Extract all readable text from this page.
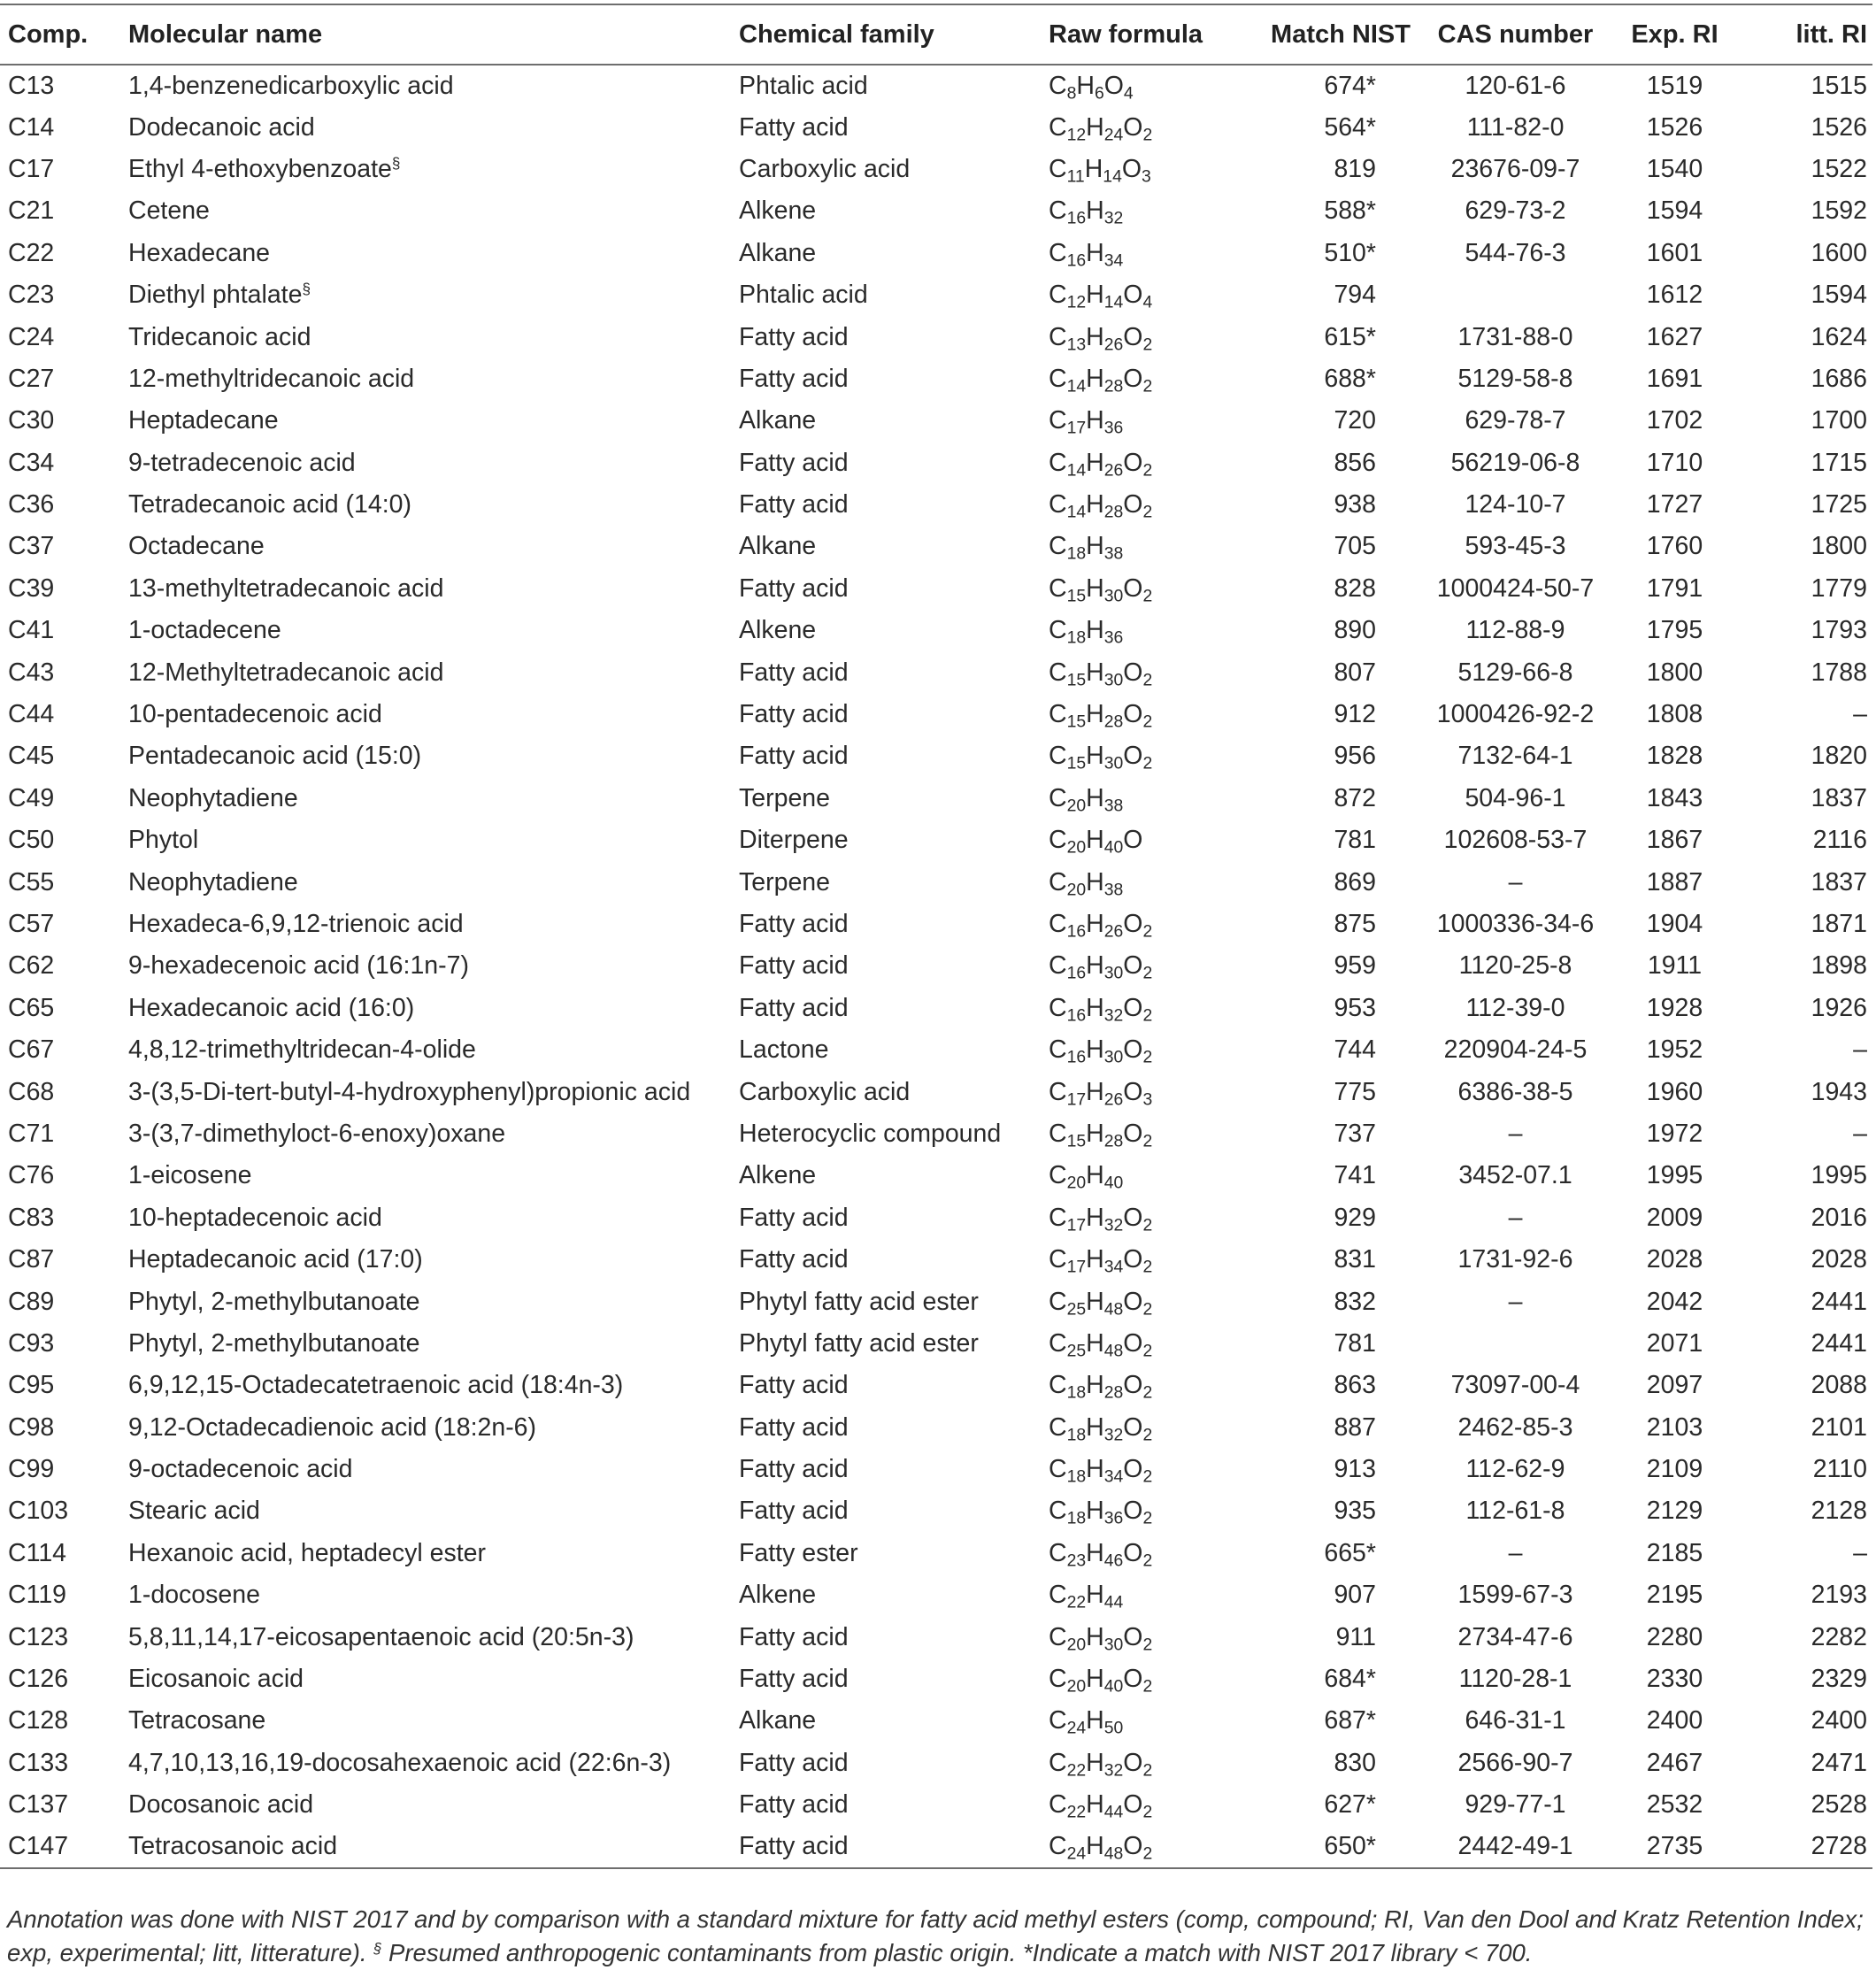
Comp.	Molecular name	Chemical family	Raw formula	Match NIST	CAS number	Exp. RI	litt. RI
C13	1,4-benzenedicarboxylic acid	Phtalic acid	$C_8H_6O_4$	674*	120-61-6	1519	1515
C14	Dodecanoic acid	Fatty acid	$C_{12}H_{24}O_2$	564*	111-82-0	1526	1526
C17	Ethyl 4-ethoxybenzoate§	Carboxylic acid	$C_{11}H_{14}O_3$	819	23676-09-7	1540	1522
C21	Cetene	Alkene	$C_{16}H_{32}$	588*	629-73-2	1594	1592
C22	Hexadecane	Alkane	$C_{16}H_{34}$	510*	544-76-3	1601	1600
C23	Diethyl phtalate§	Phtalic acid	$C_{12}H_{14}O_4$	794		1612	1594
C24	Tridecanoic acid	Fatty acid	$C_{13}H_{26}O_2$	615*	1731-88-0	1627	1624
C27	12-methyltridecanoic acid	Fatty acid	$C_{14}H_{28}O_2$	688*	5129-58-8	1691	1686
C30	Heptadecane	Alkane	$C_{17}H_{36}$	720	629-78-7	1702	1700
C34	9-tetradecenoic acid	Fatty acid	$C_{14}H_{26}O_2$	856	56219-06-8	1710	1715
C36	Tetradecanoic acid (14:0)	Fatty acid	$C_{14}H_{28}O_2$	938	124-10-7	1727	1725
C37	Octadecane	Alkane	$C_{18}H_{38}$	705	593-45-3	1760	1800
C39	13-methyltetradecanoic acid	Fatty acid	$C_{15}H_{30}O_2$	828	1000424-50-7	1791	1779
C41	1-octadecene	Alkene	$C_{18}H_{36}$	890	112-88-9	1795	1793
C43	12-Methyltetradecanoic acid	Fatty acid	$C_{15}H_{30}O_2$	807	5129-66-8	1800	1788
C44	10-pentadecenoic acid	Fatty acid	$C_{15}H_{28}O_2$	912	1000426-92-2	1808	–
C45	Pentadecanoic acid (15:0)	Fatty acid	$C_{15}H_{30}O_2$	956	7132-64-1	1828	1820
C49	Neophytadiene	Terpene	$C_{20}H_{38}$	872	504-96-1	1843	1837
C50	Phytol	Diterpene	$C_{20}H_{40}O$	781	102608-53-7	1867	2116
C55	Neophytadiene	Terpene	$C_{20}H_{38}$	869	–	1887	1837
C57	Hexadeca-6,9,12-trienoic acid	Fatty acid	$C_{16}H_{26}O_2$	875	1000336-34-6	1904	1871
C62	9-hexadecenoic acid (16:1n-7)	Fatty acid	$C_{16}H_{30}O_2$	959	1120-25-8	1911	1898
C65	Hexadecanoic acid (16:0)	Fatty acid	$C_{16}H_{32}O_2$	953	112-39-0	1928	1926
C67	4,8,12-trimethyltridecan-4-olide	Lactone	$C_{16}H_{30}O_2$	744	220904-24-5	1952	–
C68	3-(3,5-Di-tert-butyl-4-hydroxyphenyl)propionic acid	Carboxylic acid	$C_{17}H_{26}O_3$	775	6386-38-5	1960	1943
C71	3-(3,7-dimethyloct-6-enoxy)oxane	Heterocyclic compound	$C_{15}H_{28}O_2$	737	–	1972	–
C76	1-eicosene	Alkene	$C_{20}H_{40}$	741	3452-07.1	1995	1995
C83	10-heptadecenoic acid	Fatty acid	$C_{17}H_{32}O_2$	929	–	2009	2016
C87	Heptadecanoic acid (17:0)	Fatty acid	$C_{17}H_{34}O_2$	831	1731-92-6	2028	2028
C89	Phytyl, 2-methylbutanoate	Phytyl fatty acid ester	$C_{25}H_{48}O_2$	832	–	2042	2441
C93	Phytyl, 2-methylbutanoate	Phytyl fatty acid ester	$C_{25}H_{48}O_2$	781		2071	2441
C95	6,9,12,15-Octadecatetraenoic acid (18:4n-3)	Fatty acid	$C_{18}H_{28}O_2$	863	73097-00-4	2097	2088
C98	9,12-Octadecadienoic acid (18:2n-6)	Fatty acid	$C_{18}H_{32}O_2$	887	2462-85-3	2103	2101
C99	9-octadecenoic acid	Fatty acid	$C_{18}H_{34}O_2$	913	112-62-9	2109	2110
C103	Stearic acid	Fatty acid	$C_{18}H_{36}O_2$	935	112-61-8	2129	2128
C114	Hexanoic acid, heptadecyl ester	Fatty ester	$C_{23}H_{46}O_2$	665*	–	2185	–
C119	1-docosene	Alkene	$C_{22}H_{44}$	907	1599-67-3	2195	2193
C123	5,8,11,14,17-eicosapentaenoic acid (20:5n-3)	Fatty acid	$C_{20}H_{30}O_2$	911	2734-47-6	2280	2282
C126	Eicosanoic acid	Fatty acid	$C_{20}H_{40}O_2$	684*	1120-28-1	2330	2329
C128	Tetracosane	Alkane	$C_{24}H_{50}$	687*	646-31-1	2400	2400
C133	4,7,10,13,16,19-docosahexaenoic acid (22:6n-3)	Fatty acid	$C_{22}H_{32}O_2$	830	2566-90-7	2467	2471
C137	Docosanoic acid	Fatty acid	$C_{22}H_{44}O_2$	627*	929-77-1	2532	2528
C147	Tetracosanoic acid	Fatty acid	$C_{24}H_{48}O_2$	650*	2442-49-1	2735	2728
Annotation was done with NIST 2017 and by comparison with a standard mixture for fatty acid methyl esters (comp, compound; RI, Van den Dool and Kratz Retention Index; exp, experimental; litt, litterature). § Presumed anthropogenic contaminants from plastic origin. *Indicate a match with NIST 2017 library < 700.
